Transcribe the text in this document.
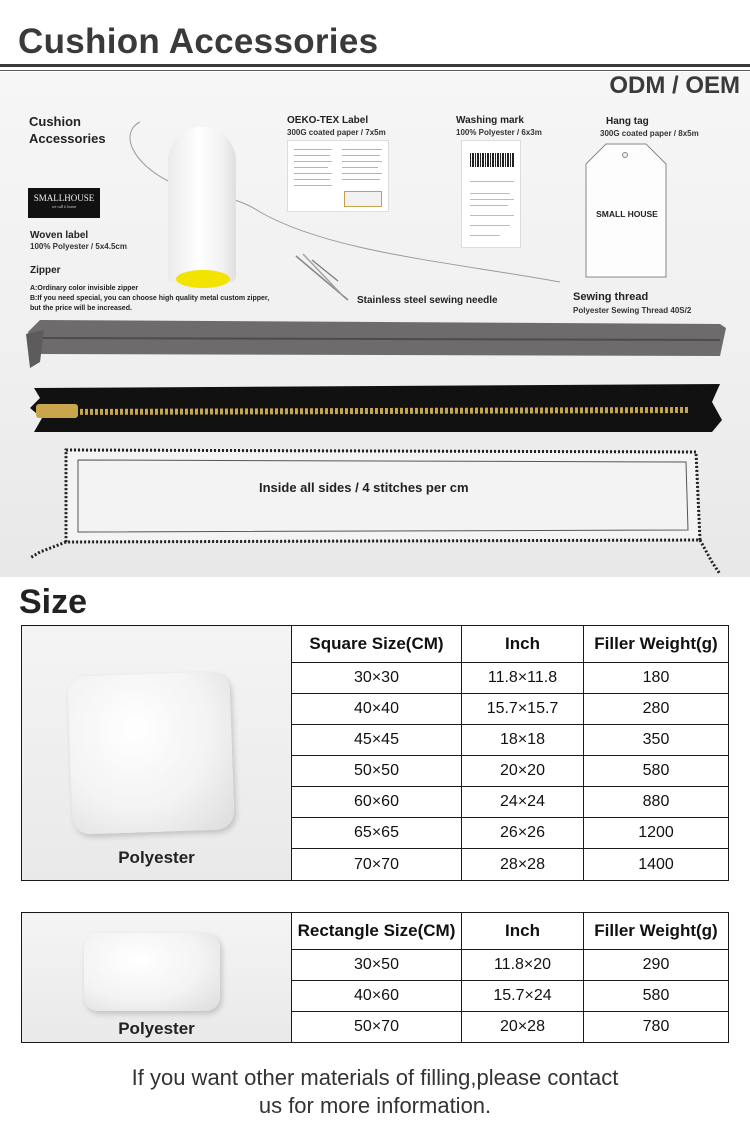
Cushion Accessories
ODM / OEM
Cushion Accessories
SMALLHOUSE
we call it home
Woven label
100% Polyester / 5x4.5cm
Zipper
A:Ordinary color invisible zipper
B:If you need special, you can choose high quality metal custom zipper,
but the price will be increased.
OEKO-TEX Label
300G coated paper / 7x5m
Washing mark
100% Polyester / 6x3m
Hang tag
300G coated paper / 8x5m
SMALL HOUSE
Stainless steel sewing needle	Sewing thread
Polyester Sewing Thread 40S/2
Inside all sides / 4 stitches per cm
Size
Polyester	Square Size(CM)	Inch	Filler Weight(g)
	30×30	11.8×11.8	180
	40×40	15.7×15.7	280
	45×45	18×18	350
	50×50	20×20	580
	60×60	24×24	880
	65×65	26×26	1200
	70×70	28×28	1400
Polyester	Rectangle Size(CM)	Inch	Filler Weight(g)
	30×50	11.8×20	290
	40×60	15.7×24	580
	50×70	20×28	780
If you want other materials of filling,please contact
us for more information.
